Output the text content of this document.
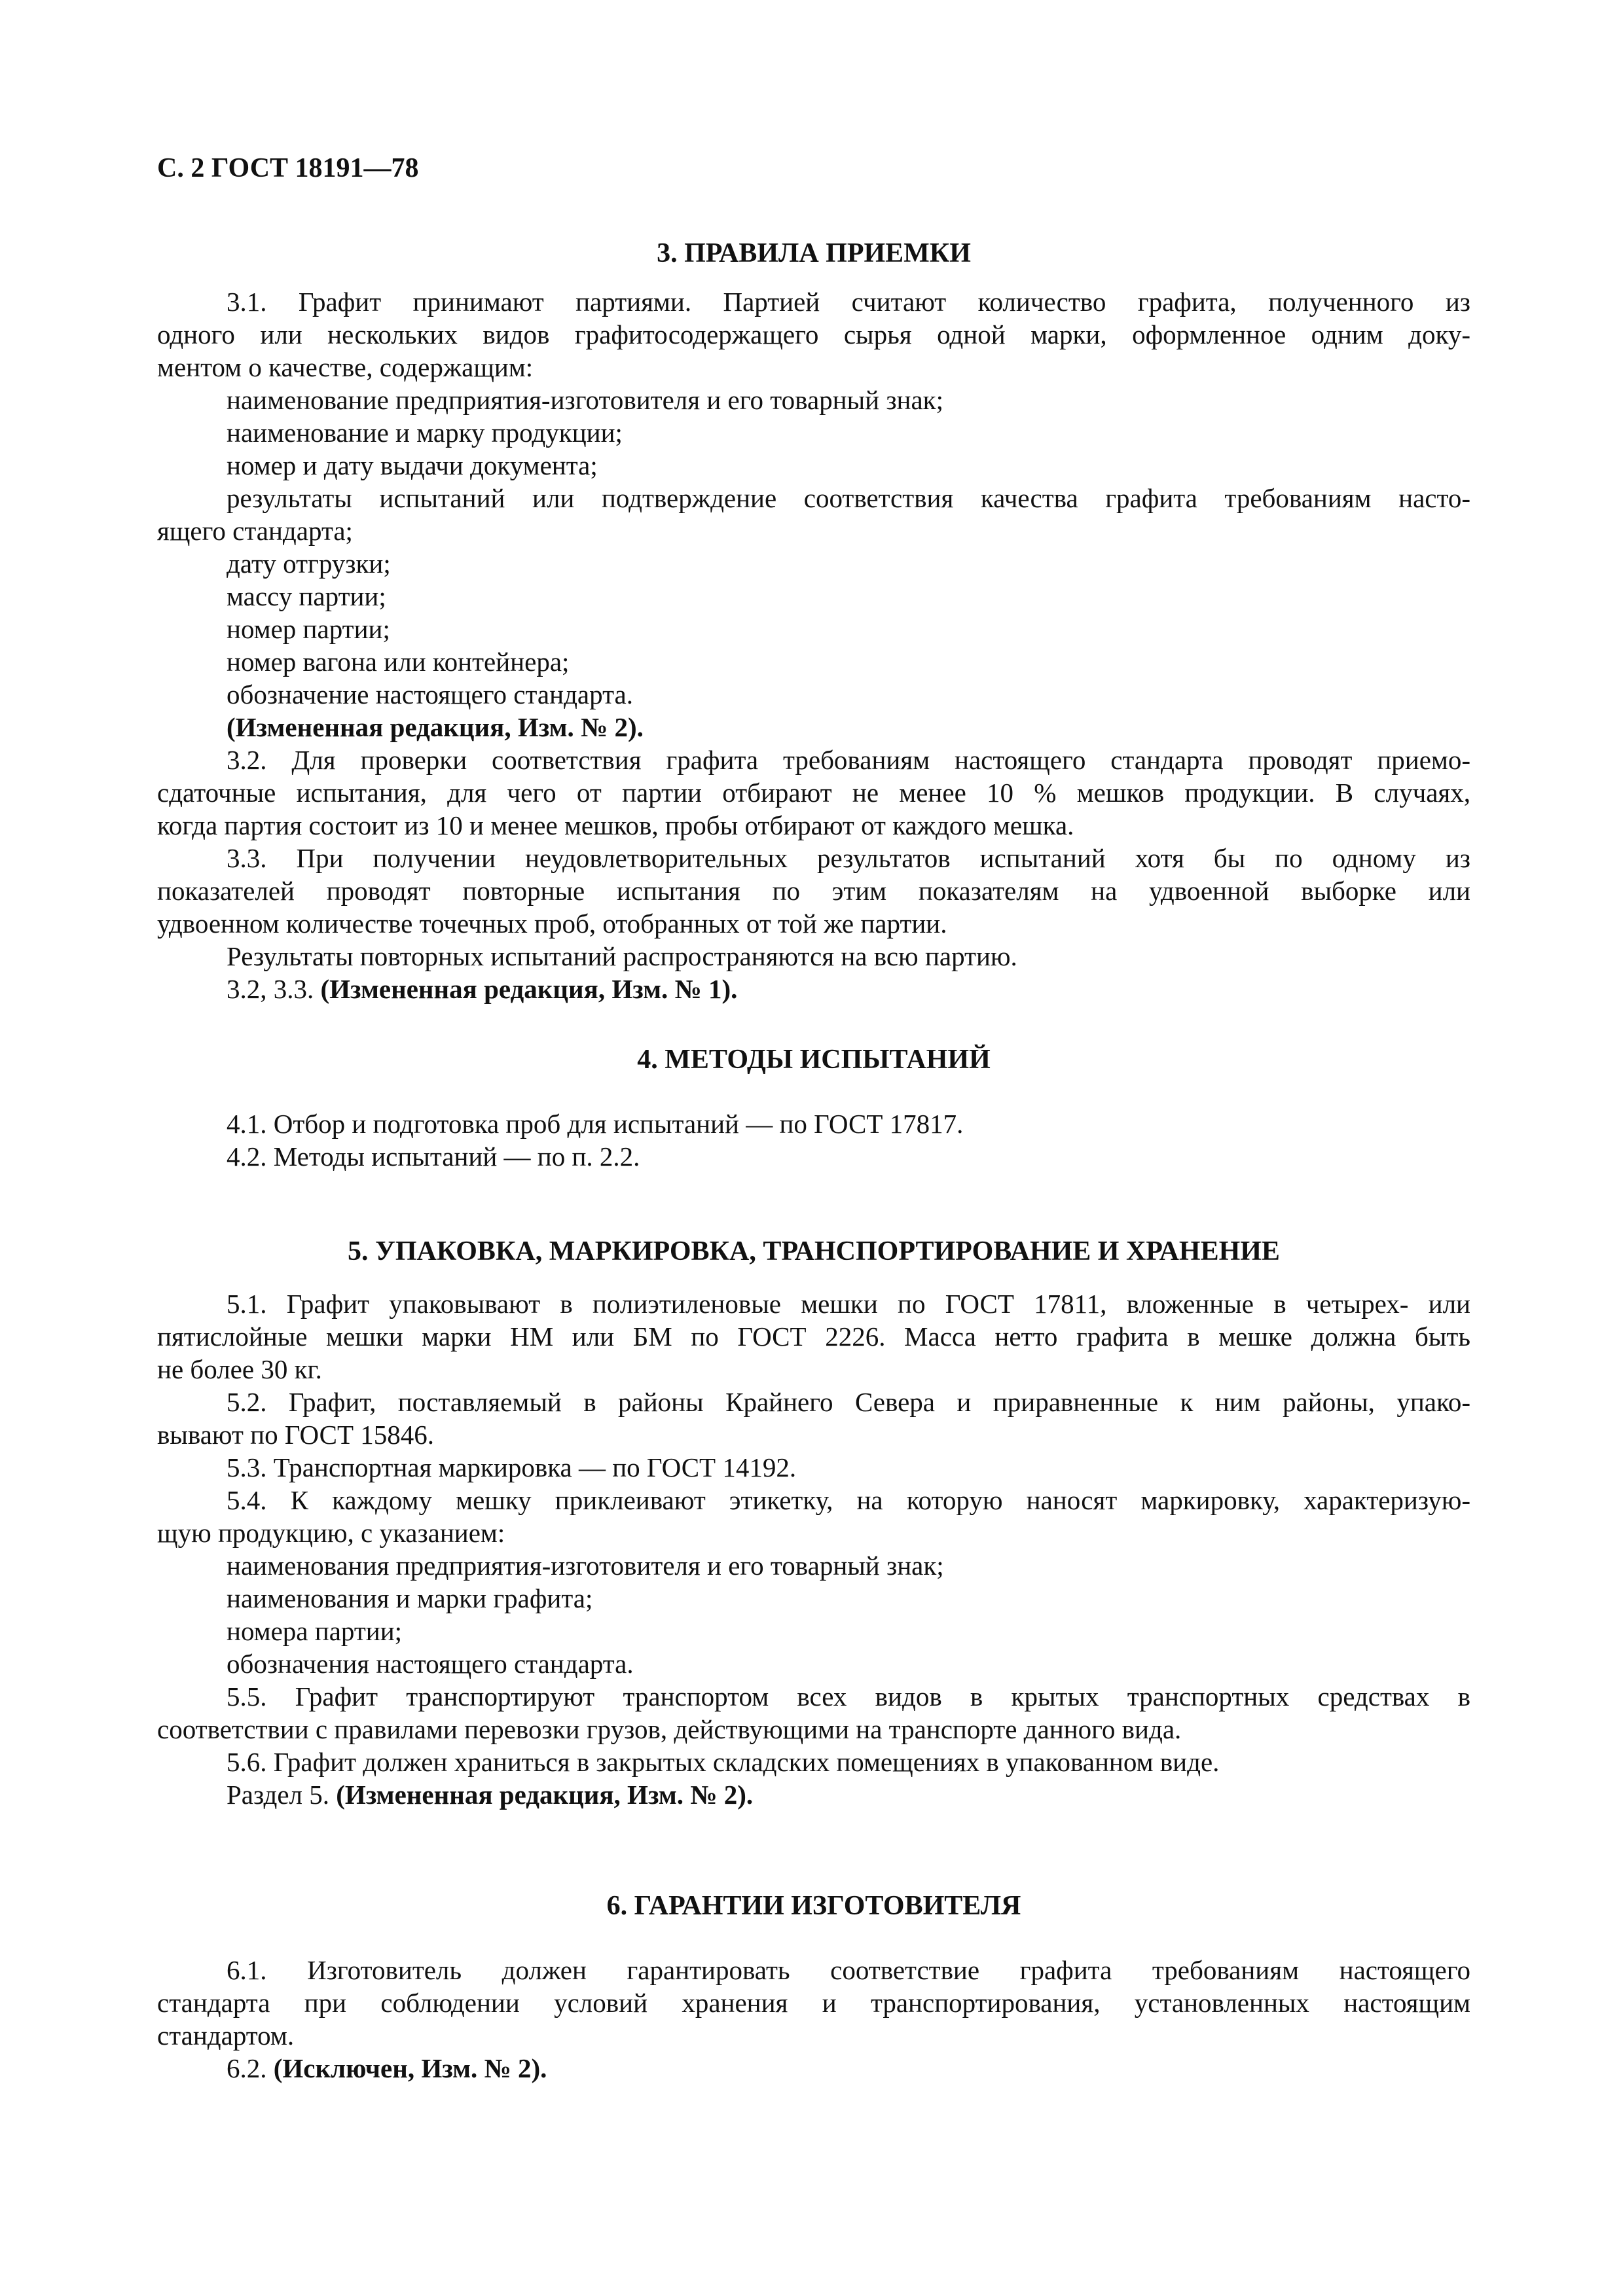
С. 2 ГОСТ 18191—78
3. ПРАВИЛА ПРИЕМКИ
3.1. Графит принимают партиями. Партией считают количество графита, полученного из
одного или нескольких видов графитосодержащего сырья одной марки, оформленное одним доку-
ментом о качестве, содержащим:
наименование предприятия-изготовителя и его товарный знак;
наименование и марку продукции;
номер и дату выдачи документа;
результаты испытаний или подтверждение соответствия качества графита требованиям насто-
ящего стандарта;
дату отгрузки;
массу партии;
номер партии;
номер вагона или контейнера;
обозначение настоящего стандарта.
(Измененная редакция, Изм. № 2).
3.2. Для проверки соответствия графита требованиям настоящего стандарта проводят приемо-
сдаточные испытания, для чего от партии отбирают не менее 10 % мешков продукции. В случаях,
когда партия состоит из 10 и менее мешков, пробы отбирают от каждого мешка.
3.3. При получении неудовлетворительных результатов испытаний хотя бы по одному из
показателей проводят повторные испытания по этим показателям на удвоенной выборке или
удвоенном количестве точечных проб, отобранных от той же партии.
Результаты повторных испытаний распространяются на всю партию.
3.2, 3.3. (Измененная редакция, Изм. № 1).
4. МЕТОДЫ ИСПЫТАНИЙ
4.1. Отбор и подготовка проб для испытаний — по ГОСТ 17817.
4.2. Методы испытаний — по п. 2.2.
5. УПАКОВКА, МАРКИРОВКА, ТРАНСПОРТИРОВАНИЕ И ХРАНЕНИЕ
5.1. Графит упаковывают в полиэтиленовые мешки по ГОСТ 17811, вложенные в четырех- или
пятислойные мешки марки НМ или БМ по ГОСТ 2226. Масса нетто графита в мешке должна быть
не более 30 кг.
5.2. Графит, поставляемый в районы Крайнего Севера и приравненные к ним районы, упако-
вывают по ГОСТ 15846.
5.3. Транспортная маркировка — по ГОСТ 14192.
5.4. К каждому мешку приклеивают этикетку, на которую наносят маркировку, характеризую-
щую продукцию, с указанием:
наименования предприятия-изготовителя и его товарный знак;
наименования и марки графита;
номера партии;
обозначения настоящего стандарта.
5.5. Графит транспортируют транспортом всех видов в крытых транспортных средствах в
соответствии с правилами перевозки грузов, действующими на транспорте данного вида.
5.6. Графит должен храниться в закрытых складских помещениях в упакованном виде.
Раздел 5. (Измененная редакция, Изм. № 2).
6. ГАРАНТИИ ИЗГОТОВИТЕЛЯ
6.1. Изготовитель должен гарантировать соответствие графита требованиям настоящего
стандарта при соблюдении условий хранения и транспортирования, установленных настоящим
стандартом.
6.2. (Исключен, Изм. № 2).
